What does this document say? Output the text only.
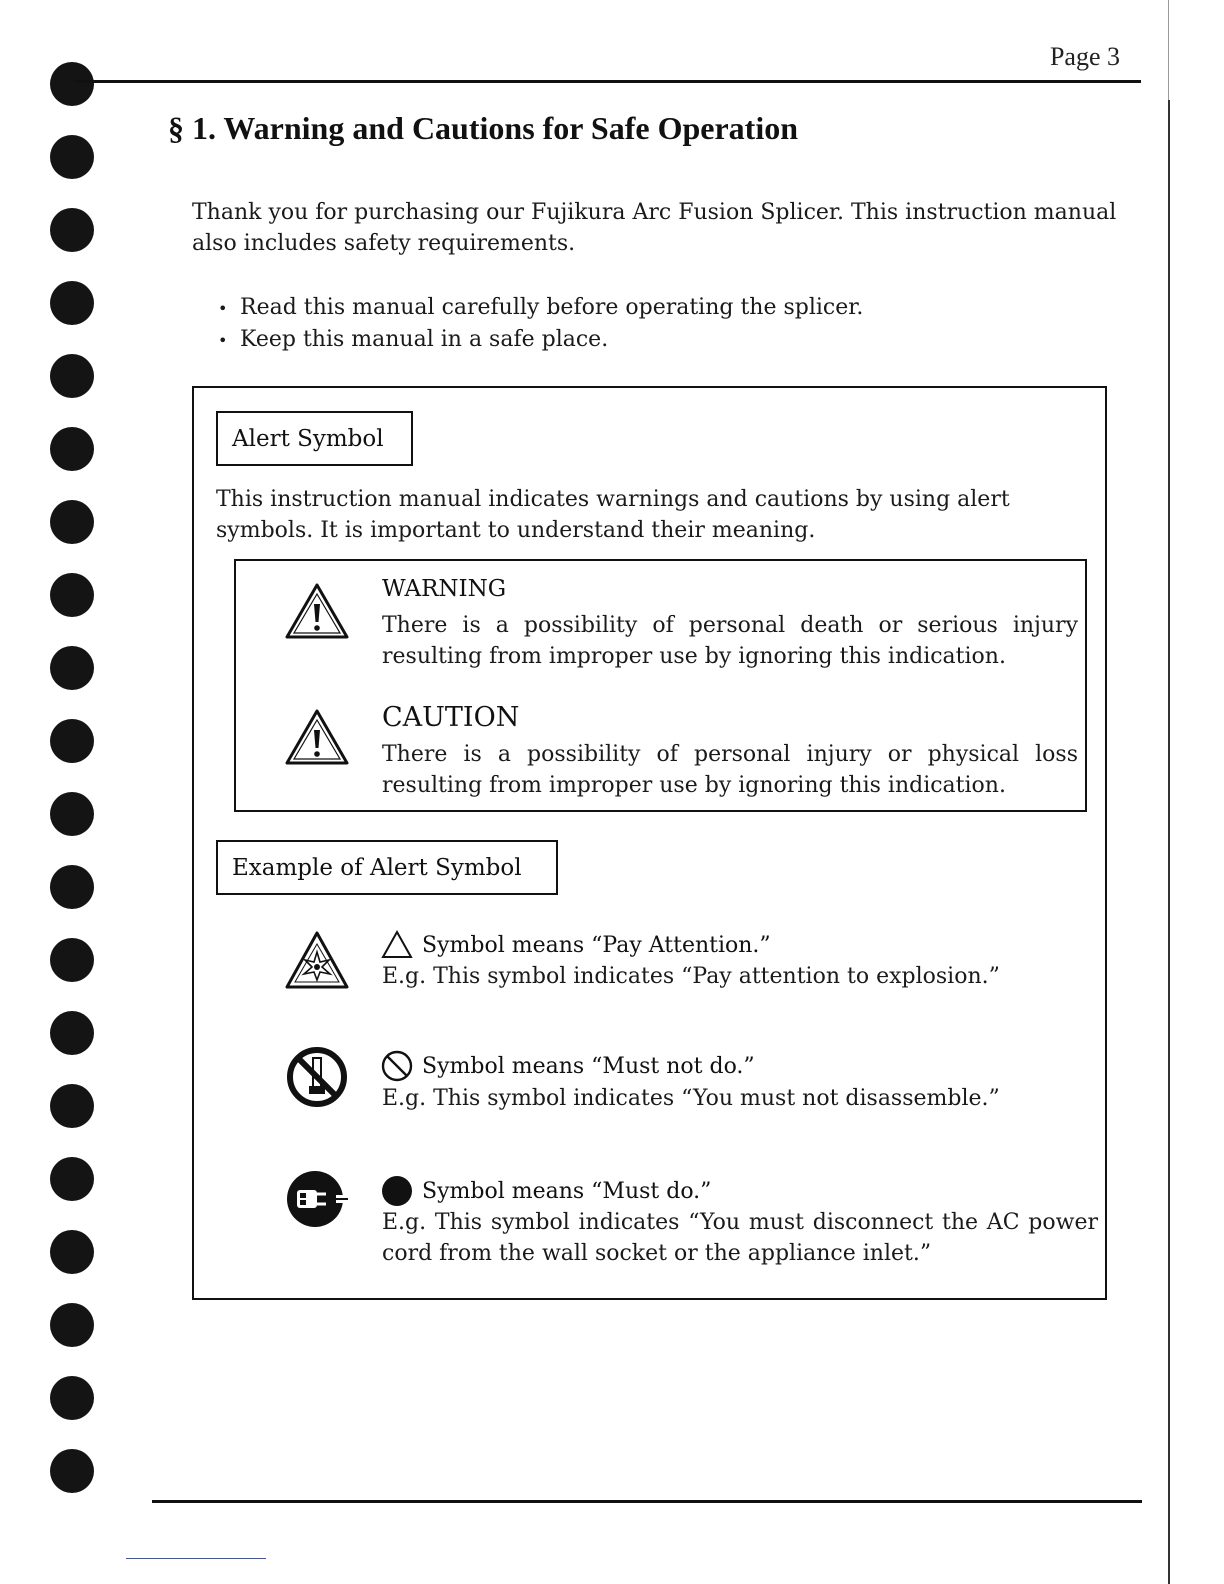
Page 3
§ 1. Warning and Cautions for Safe Operation

Thank you for purchasing our Fujikura Arc Fusion Splicer. This instruction manual also includes safety requirements.

• Read this manual carefully before operating the splicer.
• Keep this manual in a safe place.
Alert Symbol

This instruction manual indicates warnings and cautions by using alert symbols. It is important to understand their meaning.

WARNING

There is a possibility of personal death or serious injury resulting from improper use by ignoring this indication.

CAUTION

There is a possibility of personal injury or physical loss resulting from improper use by ignoring this indication.

Example of Alert Symbol
Symbol means “Pay Attention.”

E.g. This symbol indicates “Pay attention to explosion.”

Symbol means “Must not do.”

E.g. This symbol indicates “You must not disassemble.”

Symbol means “Must do.”

E.g. This symbol indicates “You must disconnect the AC power cord from the wall socket or the appliance inlet.”
